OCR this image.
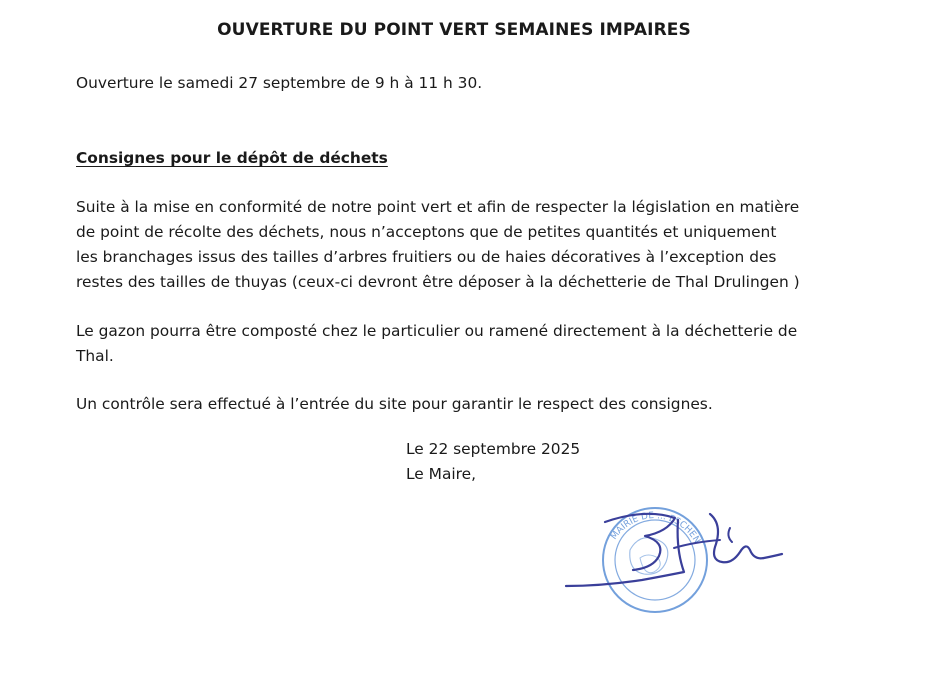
OUVERTURE DU POINT VERT SEMAINES IMPAIRES
Ouverture le samedi 27 septembre de 9 h à 11 h 30.
Consignes pour le dépôt de déchets
Suite à la mise en conformité de notre point vert et afin de respecter la législation en matière
de point de récolte des déchets, nous n’acceptons que de petites quantités et uniquement
les branchages issus des tailles d’arbres fruitiers ou de haies décoratives à l’exception des
restes des tailles de thuyas (ceux-ci devront être déposer à la déchetterie de Thal Drulingen )
Le gazon pourra être composté chez le particulier ou ramené directement à la déchetterie de
Thal.
Un contrôle sera effectué à l’entrée du site pour garantir le respect des consignes.
Le 22 septembre 2025
Le Maire,
MAIRIE DE ... ESCHEN
